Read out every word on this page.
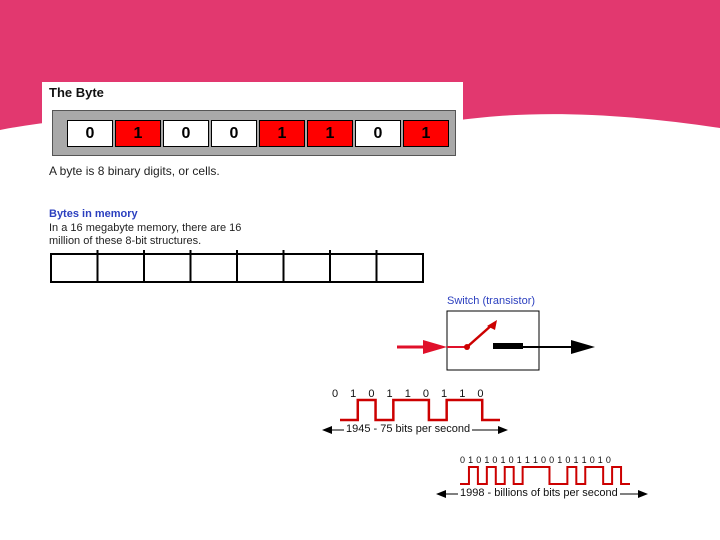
The Byte
0	1	0	0	1	1	0	1
A byte is 8 binary digits, or cells.
Bytes in memory
In a 16 megabyte memory, there are 16 million of these 8-bit structures.
Switch (transistor)
0 1 0 1 1 0 1 1 0
1945 - 75 bits per second
0 1 0 1 0 1 0 1 1 1 0 0 1 0 1 1 0 1 0
1998 - billions of bits per second
